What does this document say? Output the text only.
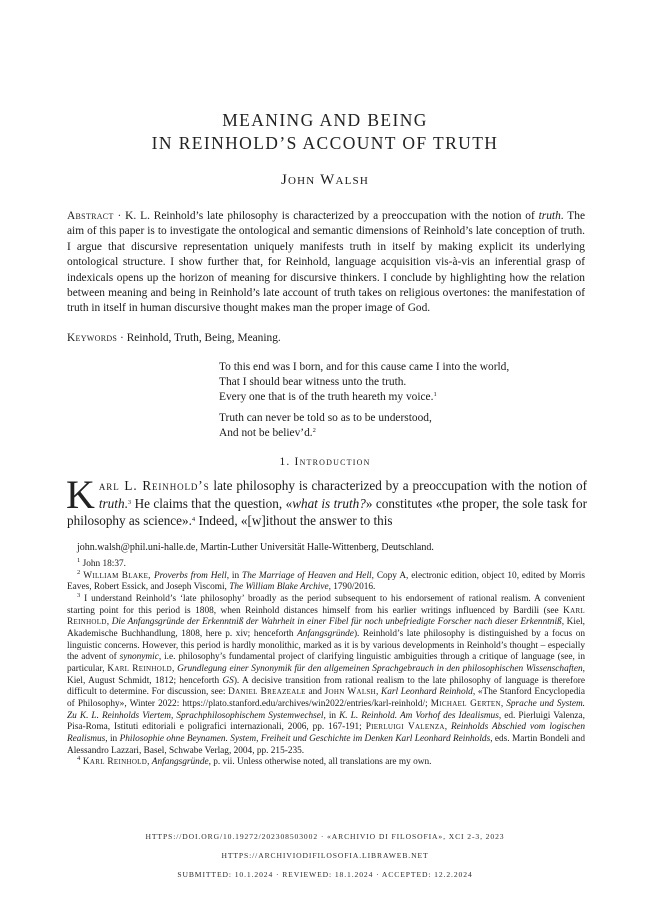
MEANING AND BEING
IN REINHOLD’S ACCOUNT OF TRUTH
John Walsh

Abstract · K. L. Reinhold’s late philosophy is characterized by a preoccupation with the notion of truth. The aim of this paper is to investigate the ontological and semantic dimensions of Reinhold’s late conception of truth. I argue that discursive representation uniquely manifests truth in itself by making explicit its underlying ontological structure. I show further that, for Reinhold, language acquisition vis-à-vis an inferential grasp of indexicals opens up the horizon of meaning for discursive thinkers. I conclude by highlighting how the relation between meaning and being in Reinhold’s late account of truth takes on religious overtones: the manifestation of truth in itself in human discursive thought makes man the proper image of God.

Keywords · Reinhold, Truth, Being, Meaning.

To this end was I born, and for this cause came I into the world,
That I should bear witness unto the truth.
Every one that is of the truth heareth my voice.$^1$
Truth can never be told so as to be understood,
And not be believ’d.$^2$
1. Introduction

Karl L. Reinhold’s late philosophy is characterized by a preoccupation with the notion of truth.$^3$ He claims that the question, «what is truth?» constitutes «the proper, the sole task for philosophy as science».$^4$ Indeed, «[w]ithout the answer to this

john.walsh@phil.uni-halle.de, Martin-Luther Universität Halle-Wittenberg, Deutschland.

$^1$ John 18:37.

$^2$ William Blake, Proverbs from Hell, in The Marriage of Heaven and Hell, Copy A, electronic edition, object 10, edited by Morris Eaves, Robert Essick, and Joseph Viscomi, The William Blake Archive, 1790/2016.

$^3$ I understand Reinhold’s ‘late philosophy’ broadly as the period subsequent to his endorsement of rational realism. A convenient starting point for this period is 1808, when Reinhold distances himself from his earlier writings influenced by Bardili (see Karl Reinhold, Die Anfangsgründe der Erkenntniß der Wahrheit in einer Fibel für noch unbefriedigte Forscher nach dieser Erkenntniß, Kiel, Akademische Buchhandlung, 1808, here p. xiv; henceforth Anfangsgründe). Reinhold’s late philosophy is distinguished by a focus on linguistic concerns. However, this period is hardly monolithic, marked as it is by various developments in Reinhold’s thought – especially the advent of synonymic, i.e. philosophy’s fundamental project of clarifying linguistic ambiguities through a critique of language (see, in particular, Karl Reinhold, Grundlegung einer Synonymik für den allgemeinen Sprachgebrauch in den philosophischen Wissenschaften, Kiel, August Schmidt, 1812; henceforth GS). A decisive transition from rational realism to the late philosophy of language is therefore difficult to determine. For discussion, see: Daniel Breazeale and John Walsh, Karl Leonhard Reinhold, «The Stanford Encyclopedia of Philosophy», Winter 2022: https://plato.stanford.edu/archives/win2022/entries/karl-reinhold/; Michael Gerten, Sprache und System. Zu K. L. Reinholds Viertem, Sprachphilosophischem Systemwechsel, in K. L. Reinhold. Am Vorhof des Idealismus, ed. Pierluigi Valenza, Pisa-Roma, Istituti editoriali e poligrafici internazionali, 2006, pp. 167-191; Pierluigi Valenza, Reinholds Abschied vom logischen Realismus, in Philosophie ohne Beynamen. System, Freiheit und Geschichte im Denken Karl Leonhard Reinholds, eds. Martin Bondeli and Alessandro Lazzari, Basel, Schwabe Verlag, 2004, pp. 215-235.

$^4$ Karl Reinhold, Anfangsgründe, p. vii. Unless otherwise noted, all translations are my own.

HTTPS://DOI.ORG/10.19272/202308503002 · «ARCHIVIO DI FILOSOFIA», XCI 2-3, 2023
HTTPS://ARCHIVIODIFILOSOFIA.LIBRAWEB.NET
SUBMITTED: 10.1.2024 · REVIEWED: 18.1.2024 · ACCEPTED: 12.2.2024
